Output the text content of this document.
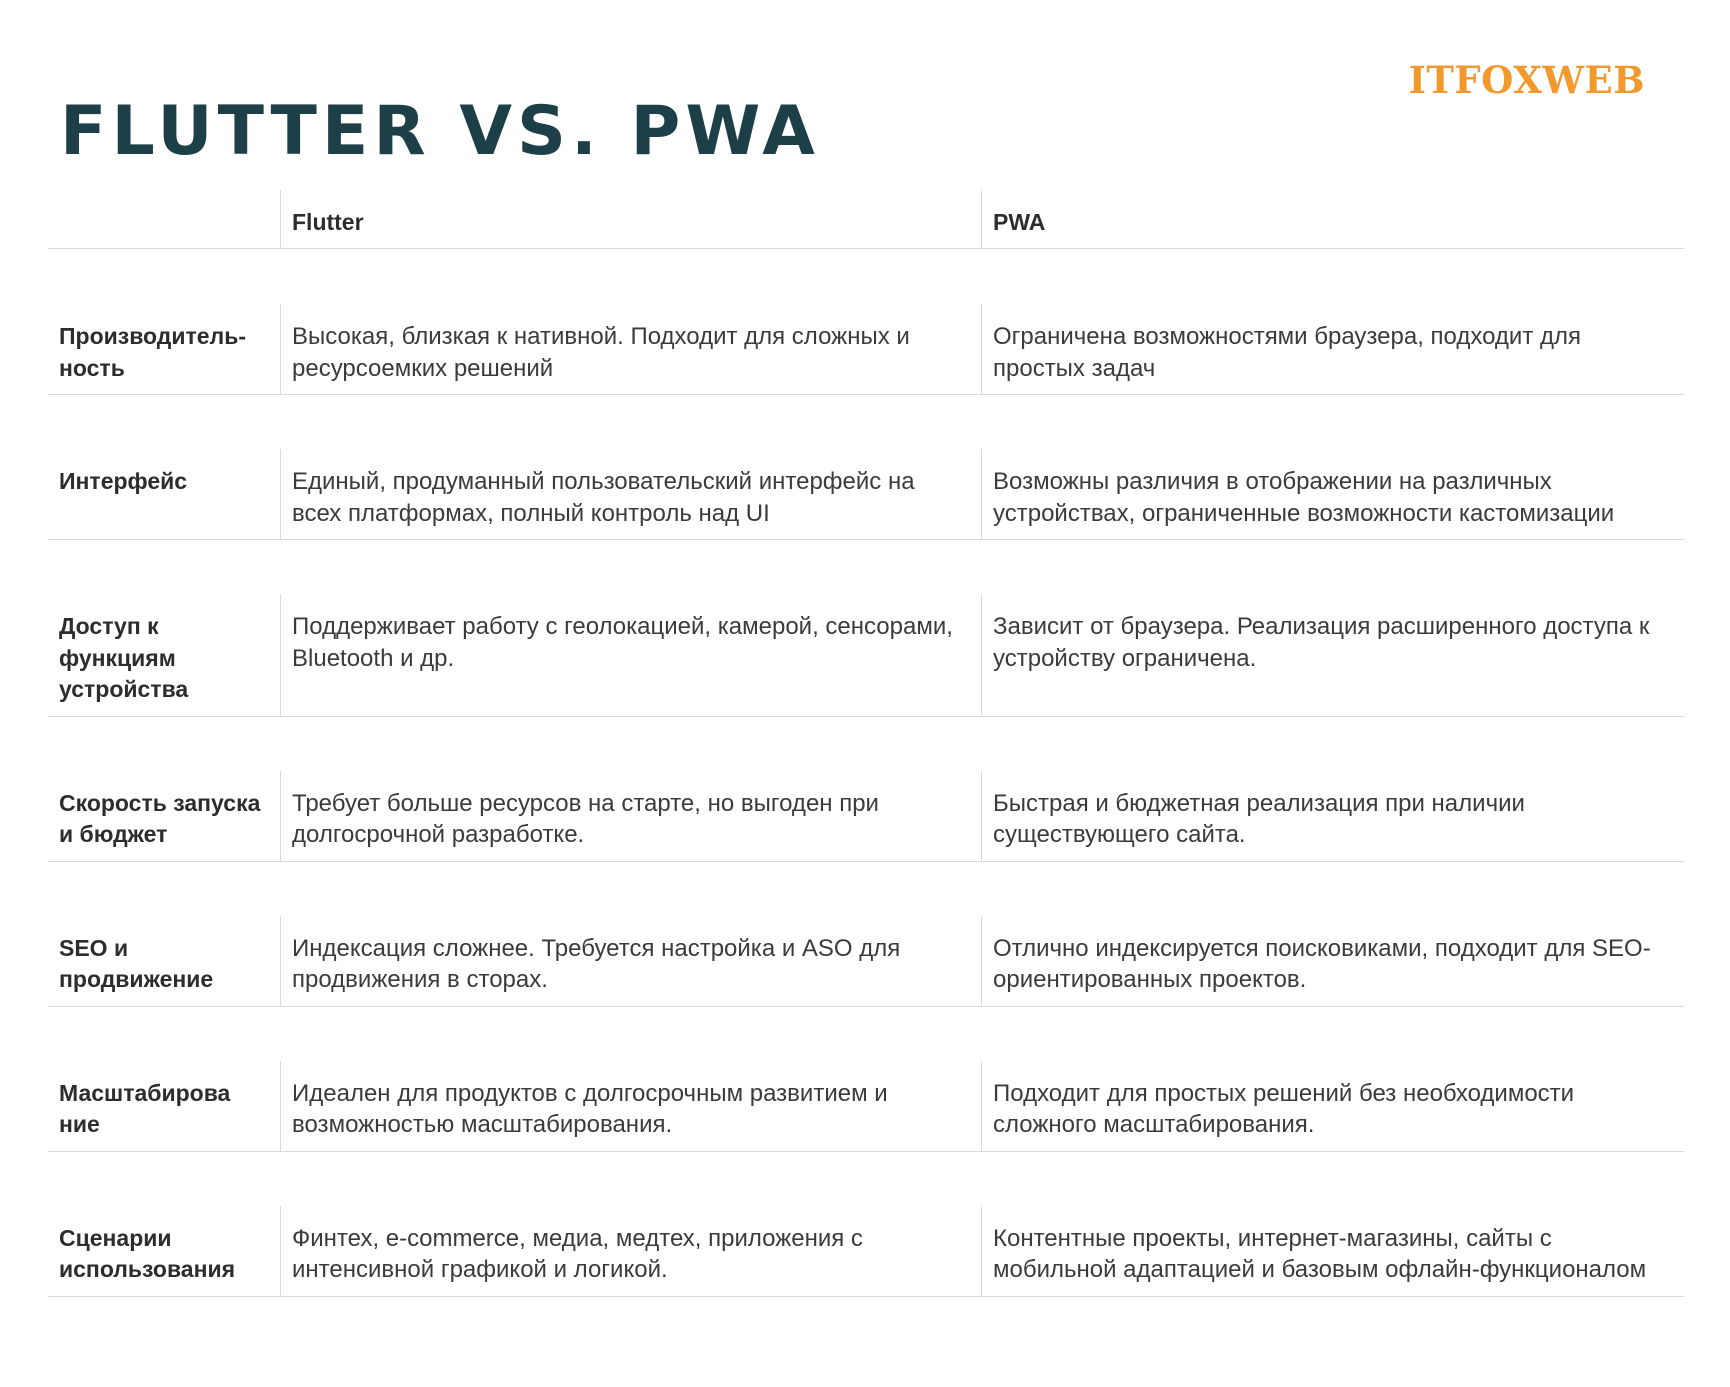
ITFOXWEB
FLUTTER VS. PWA
Flutter	PWA
Производитель-ность
Высокая, близкая к нативной. Подходит для сложных и ресурсоемких решений
Ограничена возможностями браузера, подходит для простых задач
Интерфейс	Единый, продуманный пользовательский интерфейс на всех платформах, полный контроль над UI
Возможны различия в отображении на различных устройствах, ограниченные возможности кастомизации
Доступ к функциям устройства
Поддерживает работу с геолокацией, камерой, сенсорами, Bluetooth и др.
Зависит от браузера. Реализация расширенного доступа к устройству ограничена.
Скорость запуска и бюджет
Требует больше ресурсов на старте, но выгоден при долгосрочной разработке.
Быстрая и бюджетная реализация при наличии существующего сайта.
SEO и продвижение
Индексация сложнее. Требуется настройка и ASO для продвижения в сторах.
Отлично индексируется поисковиками, подходит для SEO-ориентированных проектов.
Масштабирова ние
Идеален для продуктов с долгосрочным развитием и возможностью масштабирования.
Подходит для простых решений без необходимости сложного масштабирования.
Сценарии использования
Финтех, e-commerce, медиа, медтех, приложения с интенсивной графикой и логикой.
Контентные проекты, интернет-магазины, сайты с мобильной адаптацией и базовым офлайн-функционалом
